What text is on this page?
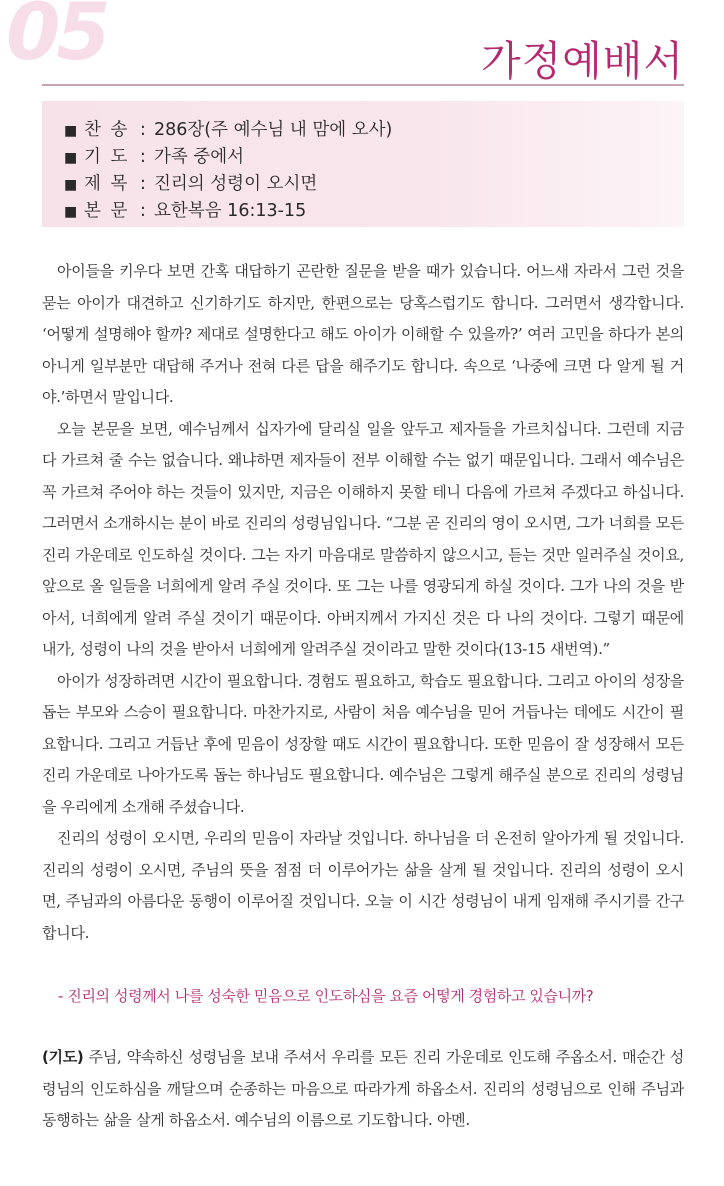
05	가정예배서
■ 찬 송 : 286장(주 예수님 내 맘에 오사)
■ 기 도 : 가족 중에서
■ 제 목 : 진리의 성령이 오시면
■ 본 문 : 요한복음 16:13-15

아이들을 키우다 보면 간혹 대답하기 곤란한 질문을 받을 때가 있습니다. 어느새 자라서 그런 것을 묻는 아이가 대견하고 신기하기도 하지만, 한편으로는 당혹스럽기도 합니다. 그러면서 생각합니다. ‘어떻게 설명해야 할까? 제대로 설명한다고 해도 아이가 이해할 수 있을까?’ 여러 고민을 하다가 본의 아니게 일부분만 대답해 주거나 전혀 다른 답을 해주기도 합니다. 속으로 ‘나중에 크면 다 알게 될 거야.’하면서 말입니다.

오늘 본문을 보면, 예수님께서 십자가에 달리실 일을 앞두고 제자들을 가르치십니다. 그런데 지금 다 가르쳐 줄 수는 없습니다. 왜냐하면 제자들이 전부 이해할 수는 없기 때문입니다. 그래서 예수님은 꼭 가르쳐 주어야 하는 것들이 있지만, 지금은 이해하지 못할 테니 다음에 가르쳐 주겠다고 하십니다. 그러면서 소개하시는 분이 바로 진리의 성령님입니다. “그분 곧 진리의 영이 오시면, 그가 너희를 모든 진리 가운데로 인도하실 것이다. 그는 자기 마음대로 말씀하지 않으시고, 듣는 것만 일러주실 것이요, 앞으로 올 일들을 너희에게 알려 주실 것이다. 또 그는 나를 영광되게 하실 것이다. 그가 나의 것을 받아서, 너희에게 알려 주실 것이기 때문이다. 아버지께서 가지신 것은 다 나의 것이다. 그렇기 때문에 내가, 성령이 나의 것을 받아서 너희에게 알려주실 것이라고 말한 것이다(13-15 새번역).”

아이가 성장하려면 시간이 필요합니다. 경험도 필요하고, 학습도 필요합니다. 그리고 아이의 성장을 돕는 부모와 스승이 필요합니다. 마찬가지로, 사람이 처음 예수님을 믿어 거듭나는 데에도 시간이 필요합니다. 그리고 거듭난 후에 믿음이 성장할 때도 시간이 필요합니다. 또한 믿음이 잘 성장해서 모든 진리 가운데로 나아가도록 돕는 하나님도 필요합니다. 예수님은 그렇게 해주실 분으로 진리의 성령님을 우리에게 소개해 주셨습니다.

진리의 성령이 오시면, 우리의 믿음이 자라날 것입니다. 하나님을 더 온전히 알아가게 될 것입니다. 진리의 성령이 오시면, 주님의 뜻을 점점 더 이루어가는 삶을 살게 될 것입니다. 진리의 성령이 오시면, 주님과의 아름다운 동행이 이루어질 것입니다. 오늘 이 시간 성령님이 내게 임재해 주시기를 간구합니다.

- 진리의 성령께서 나를 성숙한 믿음으로 인도하심을 요즘 어떻게 경험하고 있습니까?
(기도) 주님, 약속하신 성령님을 보내 주셔서 우리를 모든 진리 가운데로 인도해 주옵소서. 매순간 성령님의 인도하심을 깨달으며 순종하는 마음으로 따라가게 하옵소서. 진리의 성령님으로 인해 주님과 동행하는 삶을 살게 하옵소서. 예수님의 이름으로 기도합니다. 아멘.
